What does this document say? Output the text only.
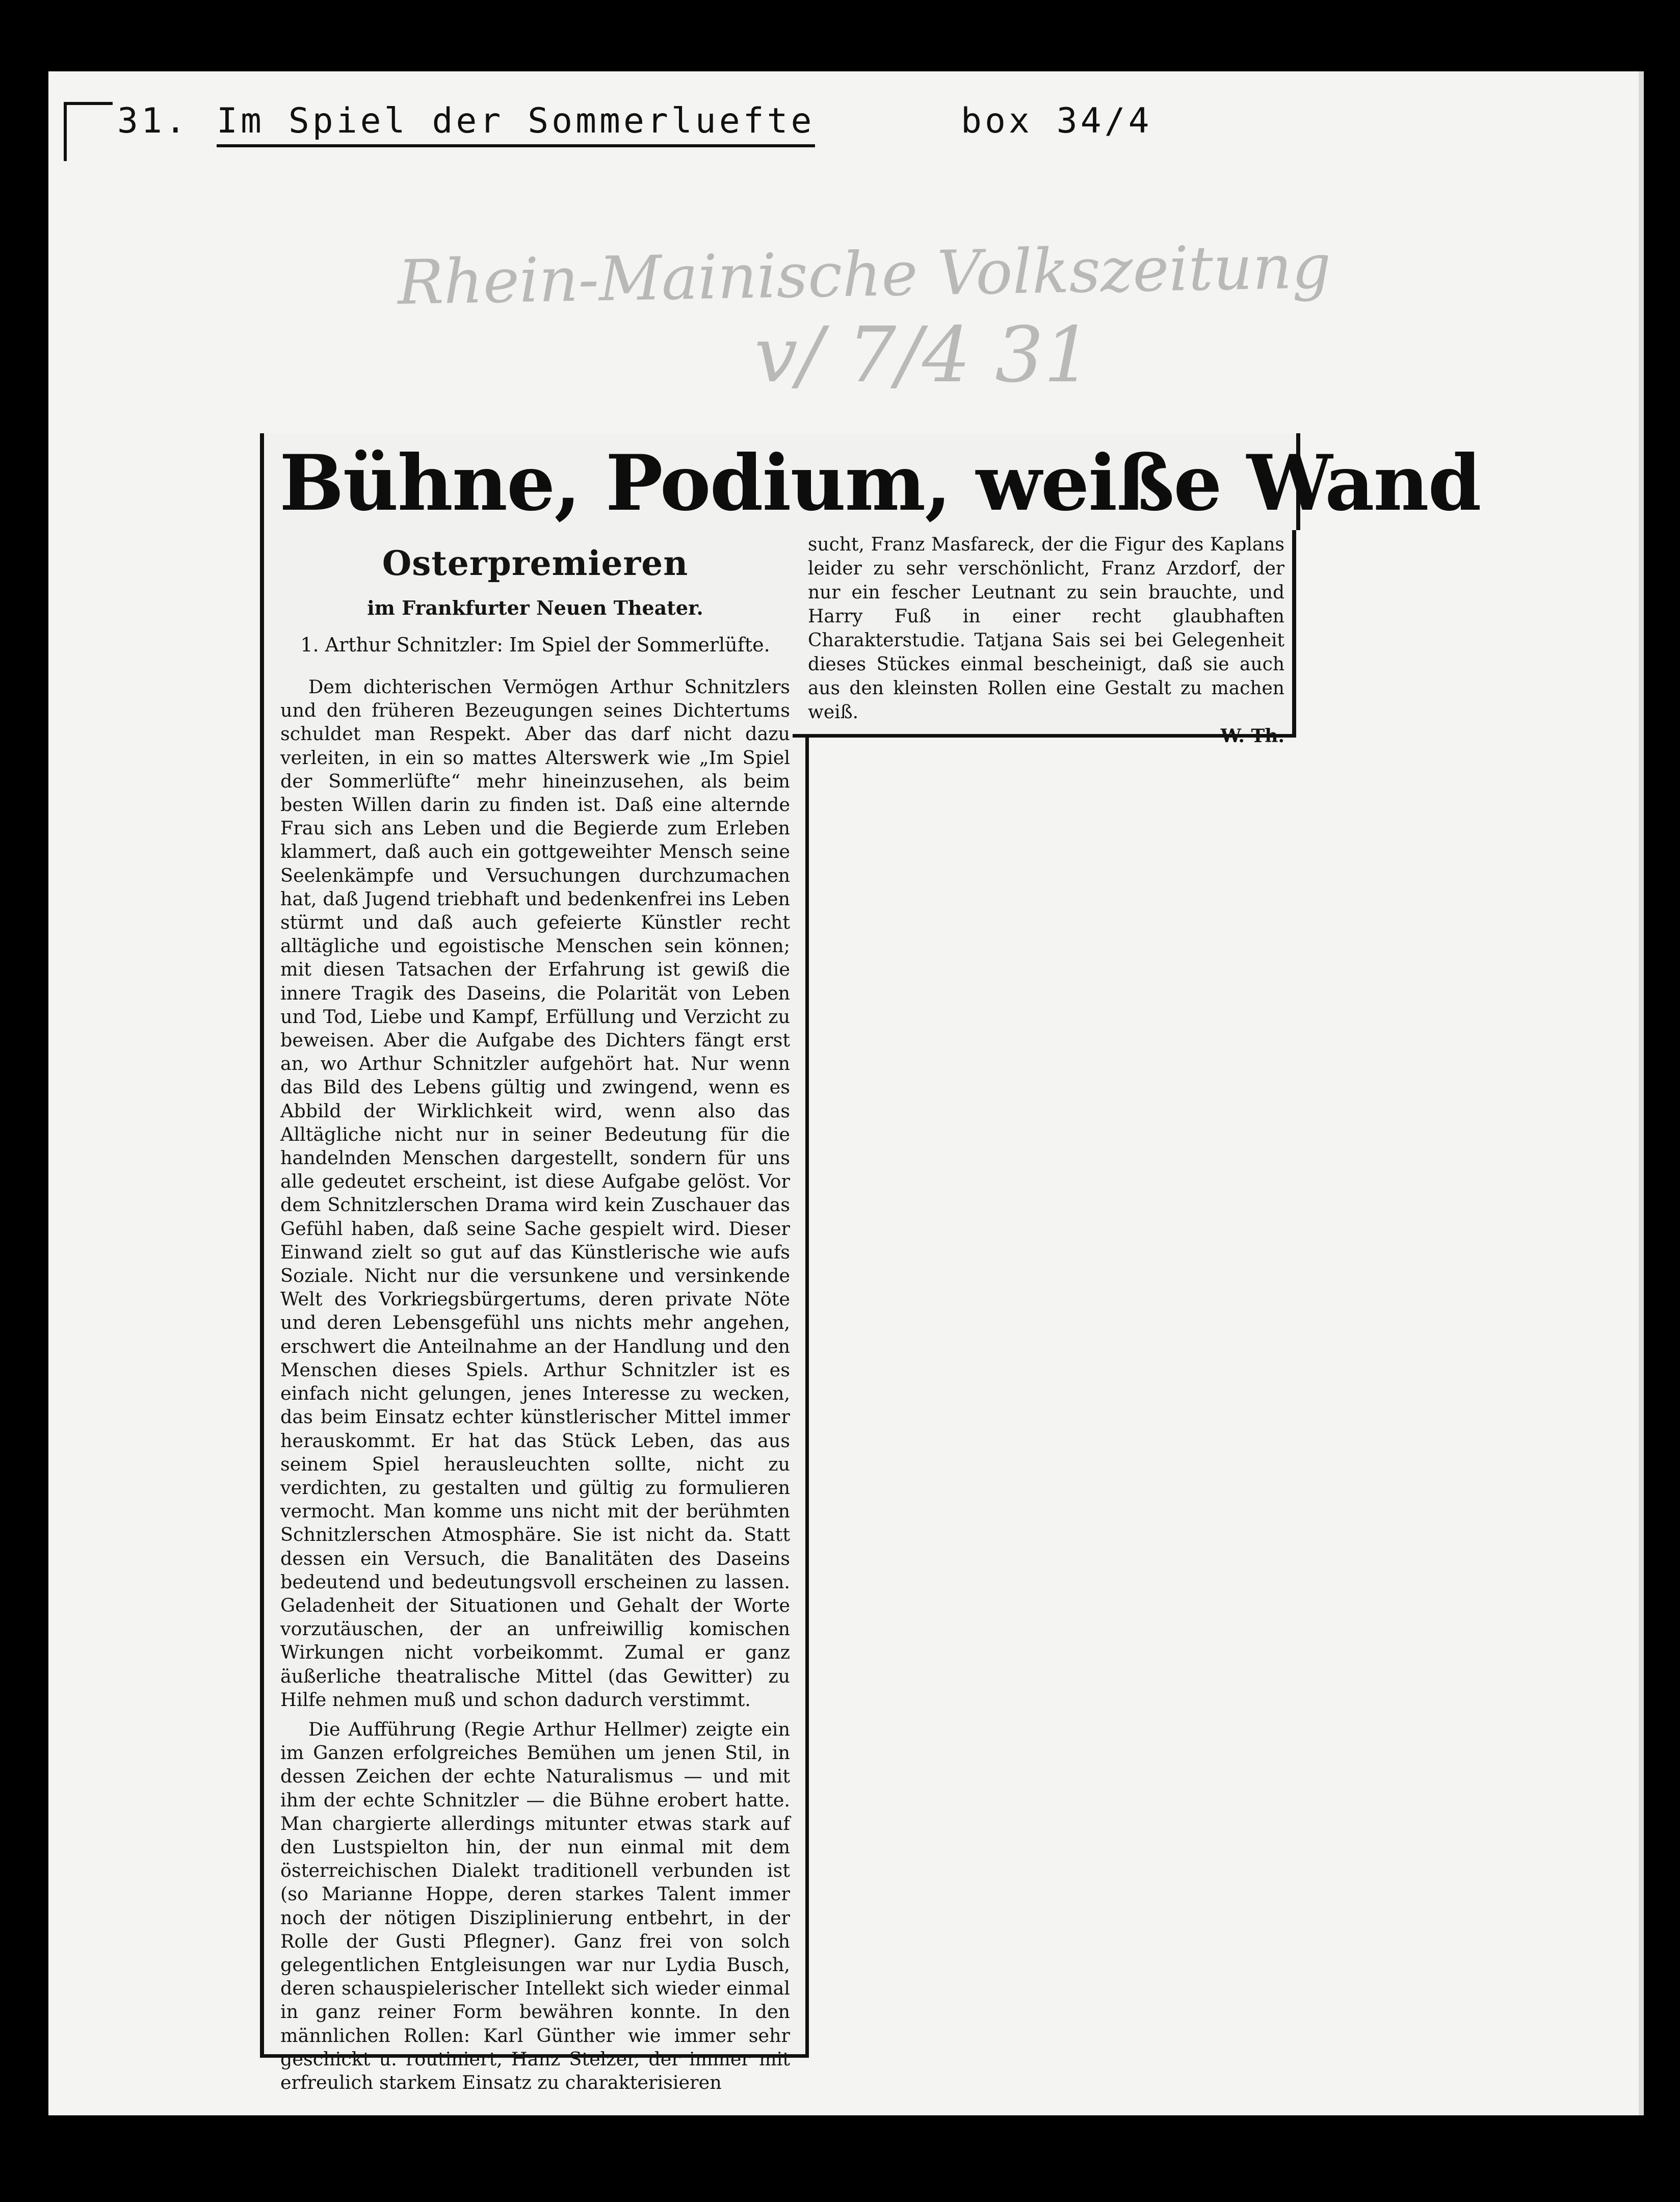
31. Im Spiel der Sommerluefte	box 34/4
Rhein-Mainische Volkszeitung
v/ 7/4 31
Bühne, Podium, weiße Wand
Osterpremieren
im Frankfurter Neuen Theater.
1. Arthur Schnitzler: Im Spiel der Sommerlüfte.

Dem dichterischen Vermögen Arthur Schnitzlers und den früheren Bezeugungen seines Dichtertums schuldet man Respekt. Aber das darf nicht dazu verleiten, in ein so mattes Alterswerk wie „Im Spiel der Sommerlüfte“ mehr hineinzusehen, als beim besten Willen darin zu finden ist. Daß eine alternde Frau sich ans Leben und die Begierde zum Erleben klammert, daß auch ein gottgeweihter Mensch seine Seelenkämpfe und Versuchungen durchzumachen hat, daß Jugend triebhaft und bedenkenfrei ins Leben stürmt und daß auch gefeierte Künstler recht alltägliche und egoistische Menschen sein können; mit diesen Tatsachen der Erfahrung ist gewiß die innere Tragik des Daseins, die Polarität von Leben und Tod, Liebe und Kampf, Erfüllung und Verzicht zu beweisen. Aber die Aufgabe des Dichters fängt erst an, wo Arthur Schnitzler aufgehört hat. Nur wenn das Bild des Lebens gültig und zwingend, wenn es Abbild der Wirklichkeit wird, wenn also das Alltägliche nicht nur in seiner Bedeutung für die handelnden Menschen dargestellt, sondern für uns alle gedeutet erscheint, ist diese Aufgabe gelöst. Vor dem Schnitzlerschen Drama wird kein Zuschauer das Gefühl haben, daß seine Sache gespielt wird. Dieser Einwand zielt so gut auf das Künstlerische wie aufs Soziale. Nicht nur die versunkene und versinkende Welt des Vorkriegsbürgertums, deren private Nöte und deren Lebensgefühl uns nichts mehr angehen, erschwert die Anteilnahme an der Handlung und den Menschen dieses Spiels. Arthur Schnitzler ist es einfach nicht gelungen, jenes Interesse zu wecken, das beim Einsatz echter künstlerischer Mittel immer herauskommt. Er hat das Stück Leben, das aus seinem Spiel herausleuchten sollte, nicht zu verdichten, zu gestalten und gültig zu formulieren vermocht. Man komme uns nicht mit der berühmten Schnitzlerschen Atmosphäre. Sie ist nicht da. Statt dessen ein Versuch, die Banalitäten des Daseins bedeutend und bedeutungsvoll erscheinen zu lassen. Geladenheit der Situationen und Gehalt der Worte vorzutäuschen, der an unfreiwillig komischen Wirkungen nicht vorbeikommt. Zumal er ganz äußerliche theatralische Mittel (das Gewitter) zu Hilfe nehmen muß und schon dadurch verstimmt.

Die Aufführung (Regie Arthur Hellmer) zeigte ein im Ganzen erfolgreiches Bemühen um jenen Stil, in dessen Zeichen der echte Naturalismus — und mit ihm der echte Schnitzler — die Bühne erobert hatte. Man chargierte allerdings mitunter etwas stark auf den Lustspielton hin, der nun einmal mit dem österreichischen Dialekt traditionell verbunden ist (so Marianne Hoppe, deren starkes Talent immer noch der nötigen Disziplinierung entbehrt, in der Rolle der Gusti Pflegner). Ganz frei von solch gelegentlichen Entgleisungen war nur Lydia Busch, deren schauspielerischer Intellekt sich wieder einmal in ganz reiner Form bewähren konnte. In den männlichen Rollen: Karl Günther wie immer sehr geschickt u. routiniert, Hanz Stelzer, der immer mit erfreulich starkem Einsatz zu charakterisieren

sucht, Franz Masfareck, der die Figur des Kaplans leider zu sehr verschönlicht, Franz Arzdorf, der nur ein fescher Leutnant zu sein brauchte, und Harry Fuß in einer recht glaubhaften Charakterstudie. Tatjana Sais sei bei Gelegenheit dieses Stückes einmal bescheinigt, daß sie auch aus den kleinsten Rollen eine Gestalt zu machen weiß.

W. Th.
